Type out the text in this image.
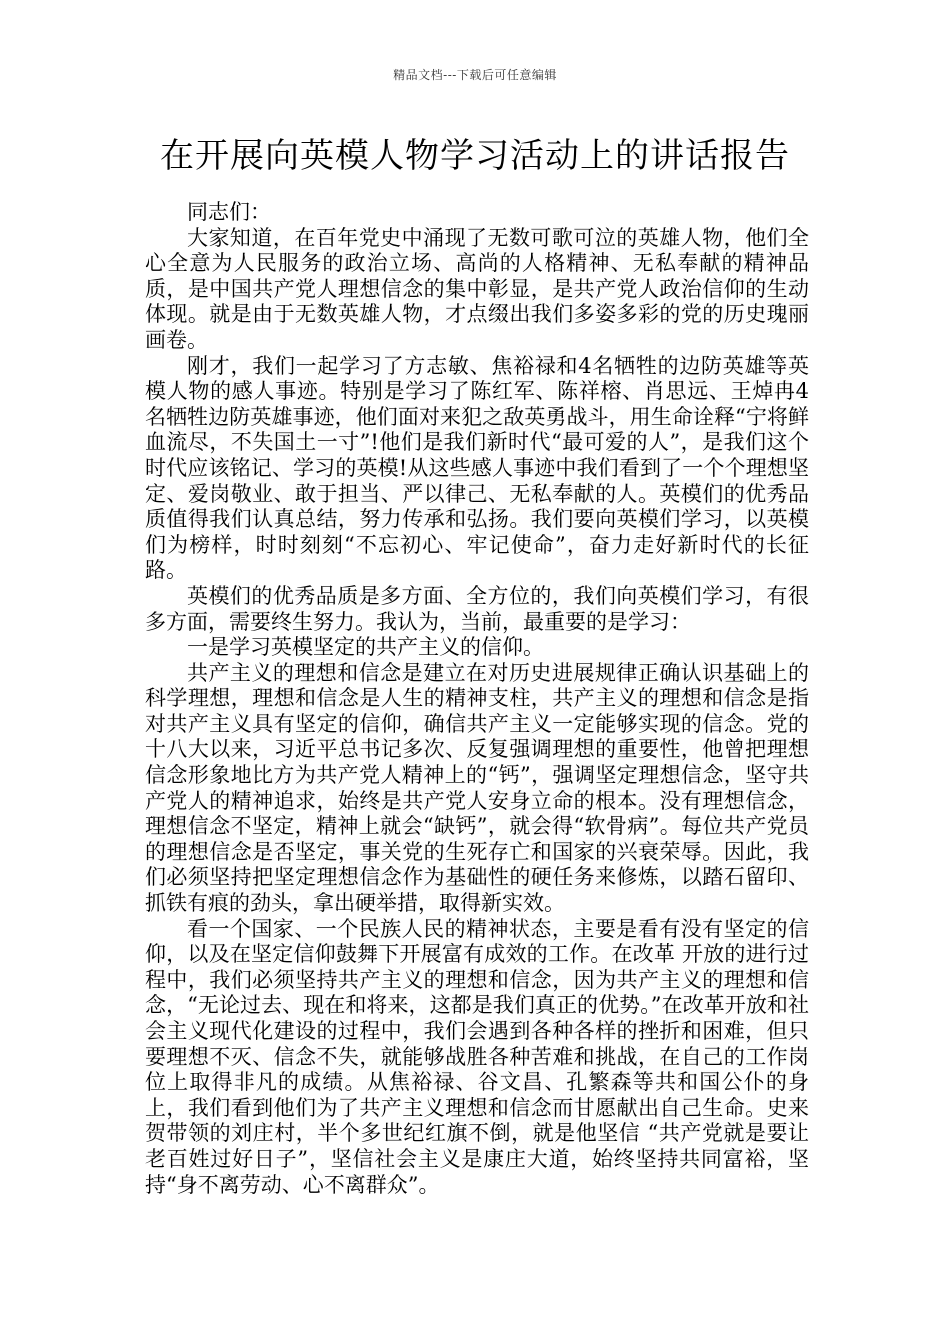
精品文档---下载后可任意编辑
在开展向英模人物学习活动上的讲话报告

同志们：

大家知道，在百年党史中涌现了无数可歌可泣的英雄人物，他们全心全意为人民服务的政治立场、高尚的人格精神、无私奉献的精神品质，是中国共产党人理想信念的集中彰显，是共产党人政治信仰的生动体现。就是由于无数英雄人物，才点缀出我们多姿多彩的党的历史瑰丽画卷。

刚才，我们一起学习了方志敏、焦裕禄和4名牺牲的边防英雄等英模人物的感人事迹。特别是学习了陈红军、陈祥榕、肖思远、王焯冉4名牺牲边防英雄事迹，他们面对来犯之敌英勇战斗，用生命诠释“宁将鲜血流尽，不失国土一寸”!他们是我们新时代“最可爱的人”，是我们这个时代应该铭记、学习的英模!从这些感人事迹中我们看到了一个个理想坚定、爱岗敬业、敢于担当、严以律己、无私奉献的人。英模们的优秀品质值得我们认真总结，努力传承和弘扬。我们要向英模们学习，以英模们为榜样，时时刻刻“不忘初心、牢记使命”，奋力走好新时代的长征路。

英模们的优秀品质是多方面、全方位的，我们向英模们学习，有很多方面，需要终生努力。我认为，当前，最重要的是学习：

一是学习英模坚定的共产主义的信仰。

共产主义的理想和信念是建立在对历史进展规律正确认识基础上的科学理想，理想和信念是人生的精神支柱，共产主义的理想和信念是指对共产主义具有坚定的信仰，确信共产主义一定能够实现的信念。党的十八大以来，习近平总书记多次、反复强调理想的重要性，他曾把理想信念形象地比方为共产党人精神上的“钙”，强调坚定理想信念，坚守共产党人的精神追求，始终是共产党人安身立命的根本。没有理想信念，理想信念不坚定，精神上就会“缺钙”，就会得“软骨病”。每位共产党员的理想信念是否坚定，事关党的生死存亡和国家的兴衰荣辱。因此，我们必须坚持把坚定理想信念作为基础性的硬任务来修炼，以踏石留印、抓铁有痕的劲头，拿出硬举措，取得新实效。

看一个国家、一个民族人民的精神状态，主要是看有没有坚定的信仰，以及在坚定信仰鼓舞下开展富有成效的工作。在改革 开放的进行过程中，我们必须坚持共产主义的理想和信念，因为共产主义的理想和信念，“无论过去、现在和将来，这都是我们真正的优势。”在改革开放和社会主义现代化建设的过程中，我们会遇到各种各样的挫折和困难，但只要理想不灭、信念不失，就能够战胜各种苦难和挑战，在自己的工作岗位上取得非凡的成绩。从焦裕禄、谷文昌、孔繁森等共和国公仆的身上，我们看到他们为了共产主义理想和信念而甘愿献出自己生命。史来贺带领的刘庄村，半个多世纪红旗不倒，就是他坚信 “共产党就是要让老百姓过好日子”，坚信社会主义是康庄大道，始终坚持共同富裕，坚持“身不离劳动、心不离群众”。
